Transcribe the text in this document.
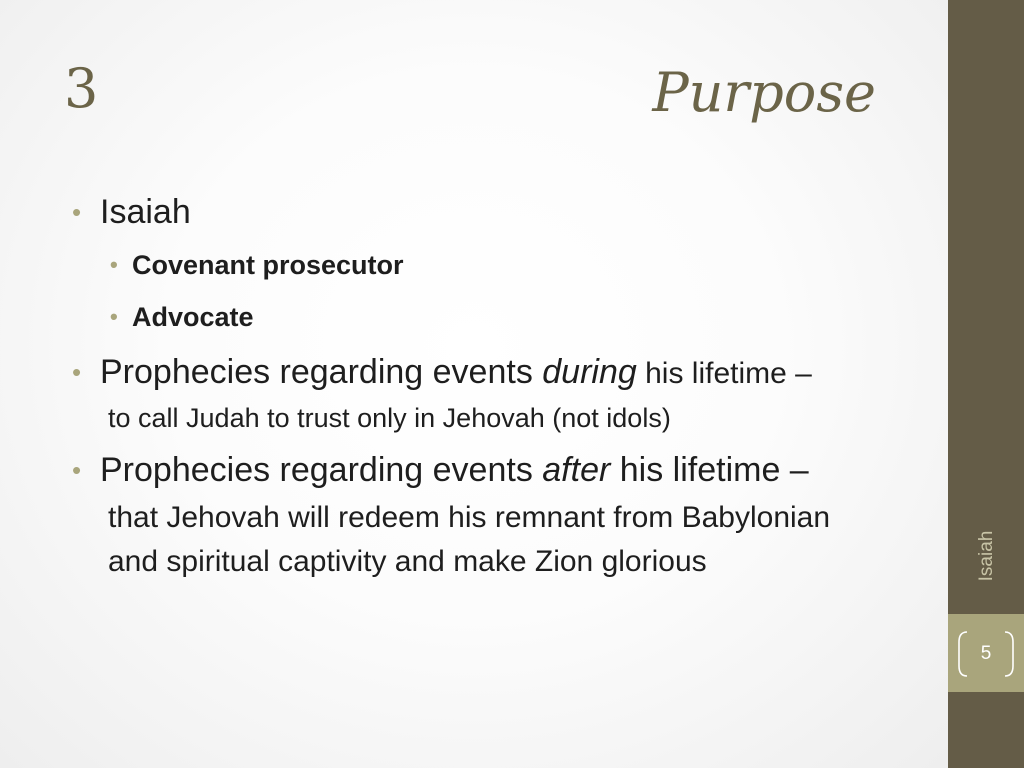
3	Purpose
• Isaiah
• Covenant prosecutor
• Advocate
• Prophecies regarding events during his lifetime –
to call Judah to trust only in Jehovah (not idols)
• Prophecies regarding events after his lifetime –
that Jehovah will redeem his remnant from Babylonian and spiritual captivity and make Zion glorious	Isaiah
5
